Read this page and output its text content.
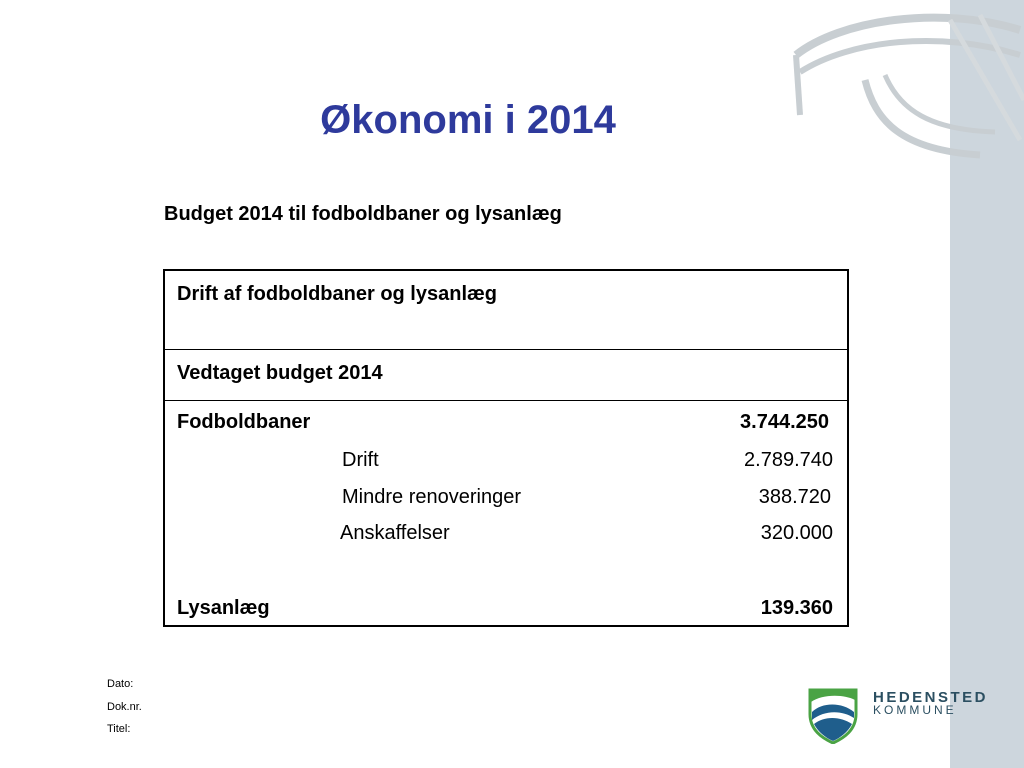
Økonomi i 2014
Budget 2014 til fodboldbaner og lysanlæg
Drift af fodboldbaner og lysanlæg
Vedtaget budget 2014
Fodboldbaner	3.744.250
Drift	2.789.740
Mindre renoveringer	388.720
Anskaffelser	320.000
Lysanlæg	139.360
Dato:
Dok.nr.
Titel:
HEDENSTED
KOMMUNE
